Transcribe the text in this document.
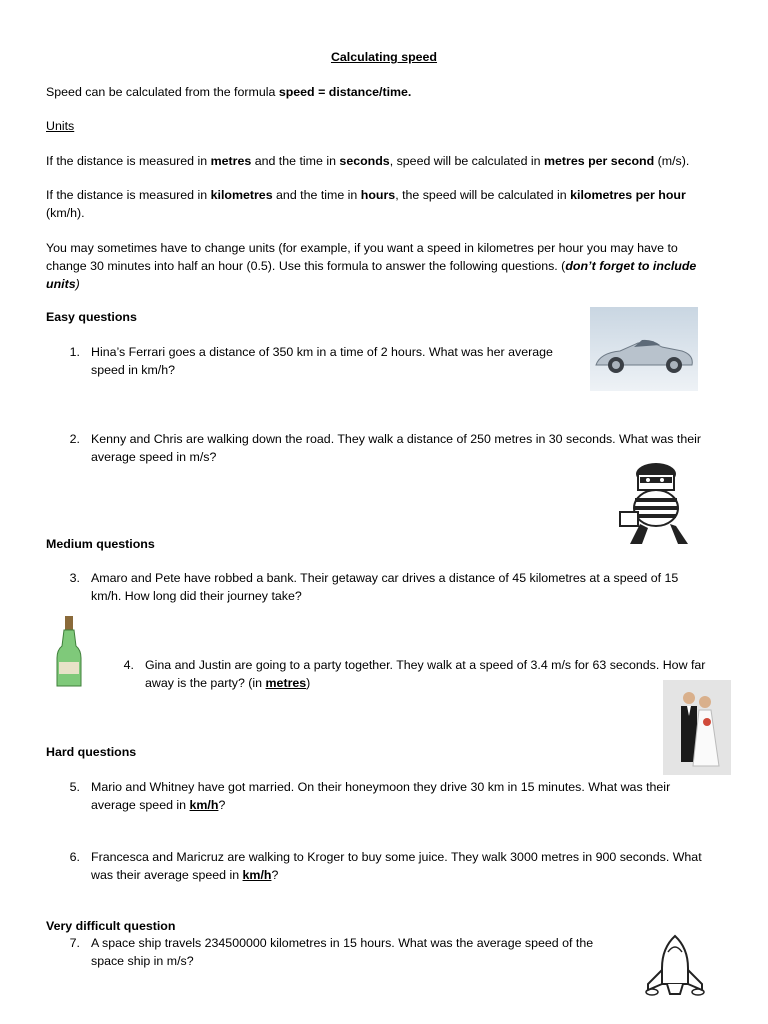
Calculating speed
Speed can be calculated from the formula speed = distance/time.
Units
If the distance is measured in metres and the time in seconds, speed will be calculated in metres per second (m/s).
If the distance is measured in kilometres and the time in hours, the speed will be calculated in kilometres per hour
(km/h).
You may sometimes have to change units (for example, if you want a speed in kilometres per hour you may have to
change 30 minutes into half an hour (0.5). Use this formula to answer the following questions. (don’t forget to include
units)
Easy questions
1. Hina’s Ferrari goes a distance of 350 km in a time of 2 hours. What was her average
speed in km/h?
2. Kenny and Chris are walking down the road. They walk a distance of 250 metres in 30 seconds. What was their
average speed in m/s?
Medium questions
3. Amaro and Pete have robbed a bank. Their getaway car drives a distance of 45 kilometres at a speed of 15
km/h. How long did their journey take?
4. Gina and Justin are going to a party together. They walk at a speed of 3.4 m/s for 63 seconds. How far
away is the party? (in metres)
Hard questions
5. Mario and Whitney have got married. On their honeymoon they drive 30 km in 15 minutes. What was their
average speed in km/h?
6. Francesca and Maricruz are walking to Kroger to buy some juice. They walk 3000 metres in 900 seconds. What
was their average speed in km/h?
Very difficult question
7. A space ship travels 234500000 kilometres in 15 hours. What was the average speed of the
space ship in m/s?
